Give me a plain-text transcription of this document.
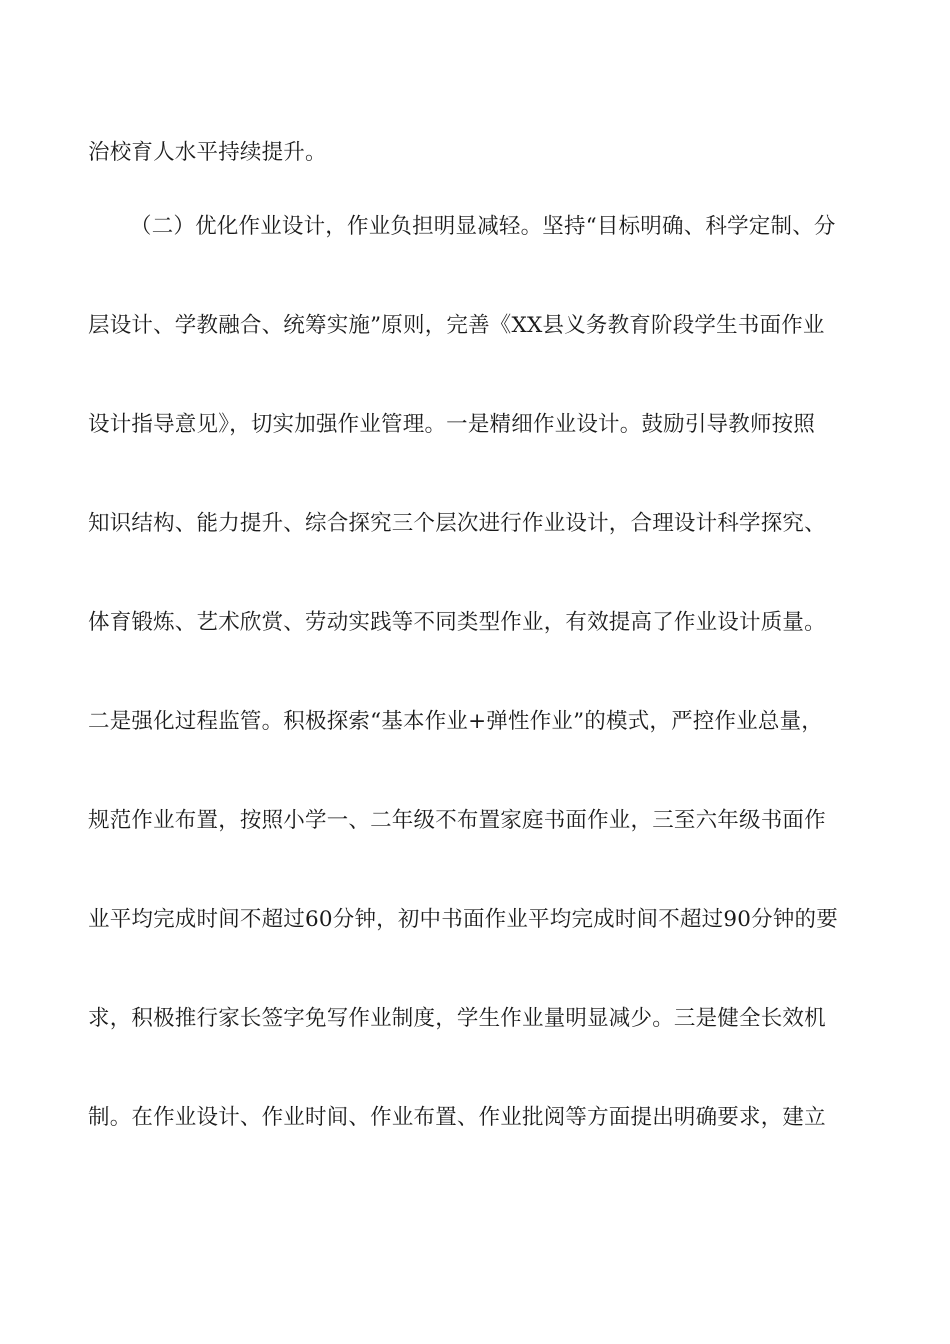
治校育人水平持续提升。
（二）优化作业设计，作业负担明显减轻。坚持“目标明确、科学定制、分
层设计、学教融合、统筹实施”原则，完善《XX县义务教育阶段学生书面作业
设计指导意见》，切实加强作业管理。一是精细作业设计。鼓励引导教师按照
知识结构、能力提升、综合探究三个层次进行作业设计，合理设计科学探究、
体育锻炼、艺术欣赏、劳动实践等不同类型作业，有效提高了作业设计质量。
二是强化过程监管。积极探索“基本作业+弹性作业”的模式，严控作业总量，
规范作业布置，按照小学一、二年级不布置家庭书面作业，三至六年级书面作
业平均完成时间不超过60分钟，初中书面作业平均完成时间不超过90分钟的要
求，积极推行家长签字免写作业制度，学生作业量明显减少。三是健全长效机
制。在作业设计、作业时间、作业布置、作业批阅等方面提出明确要求，建立
